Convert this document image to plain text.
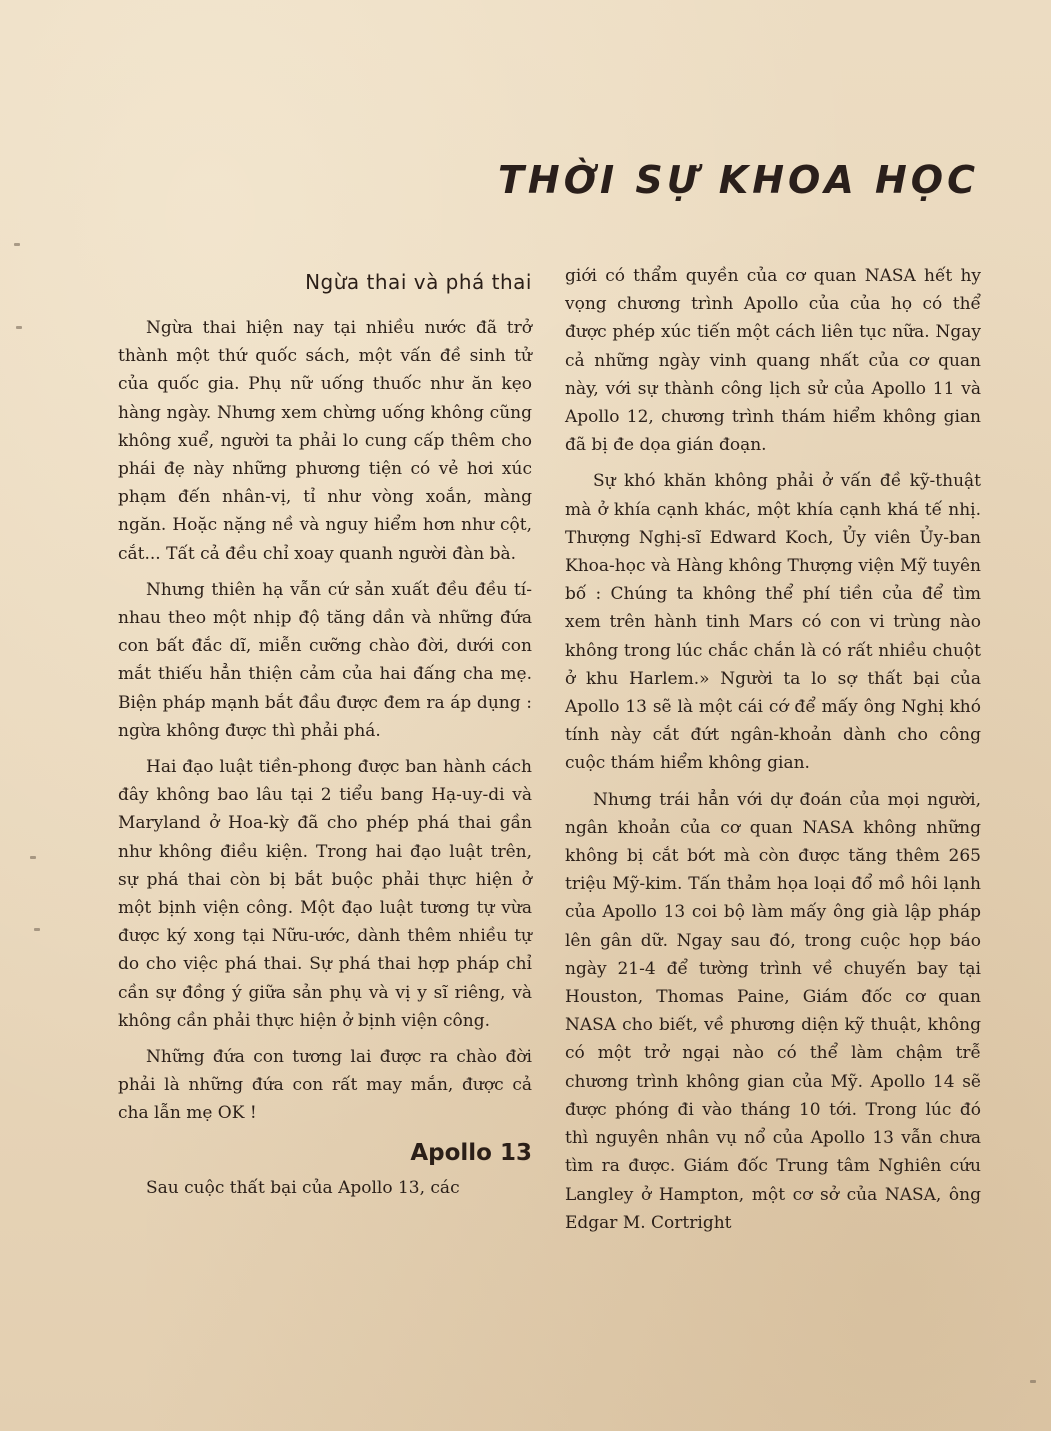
THỜI SỰ KHOA HỌC
Ngừa thai và phá thai

Ngừa thai hiện nay tại nhiều nước đã trở thành một thứ quốc sách, một vấn đề sinh tử của quốc gia. Phụ nữ uống thuốc như ăn kẹo hàng ngày. Nhưng xem chừng uống không cũng không xuể, người ta phải lo cung cấp thêm cho phái đẹ này những phương tiện có vẻ hơi xúc phạm đến nhân-vị, tỉ như vòng xoắn, màng ngăn. Hoặc nặng nề và nguy hiểm hơn như cột, cắt... Tất cả đều chỉ xoay quanh người đàn bà.

Nhưng thiên hạ vẫn cứ sản xuất đều đều tí-nhau theo một nhịp độ tăng dần và những đứa con bất đắc dĩ, miễn cưỡng chào đời, dưới con mắt thiếu hẳn thiện cảm của hai đấng cha mẹ. Biện pháp mạnh bắt đầu được đem ra áp dụng : ngừa không được thì phải phá.

Hai đạo luật tiền-phong được ban hành cách đây không bao lâu tại 2 tiểu bang Hạ-uy-di và Maryland ở Hoa-kỳ đã cho phép phá thai gần như không điều kiện. Trong hai đạo luật trên, sự phá thai còn bị bắt buộc phải thực hiện ở một bịnh viện công. Một đạo luật tương tự vừa được ký xong tại Nữu-ước, dành thêm nhiều tự do cho việc phá thai. Sự phá thai hợp pháp chỉ cần sự đồng ý giữa sản phụ và vị y sĩ riêng, và không cần phải thực hiện ở bịnh viện công.

Những đứa con tương lai được ra chào đời phải là những đứa con rất may mắn, được cả cha lẫn mẹ OK !

Apollo 13

Sau cuộc thất bại của Apollo 13, các

giới có thẩm quyền của cơ quan NASA hết hy vọng chương trình Apollo của của họ có thể được phép xúc tiến một cách liên tục nữa. Ngay cả những ngày vinh quang nhất của cơ quan này, với sự thành công lịch sử của Apollo 11 và Apollo 12, chương trình thám hiểm không gian đã bị đe dọa gián đoạn.

Sự khó khăn không phải ở vấn đề kỹ-thuật mà ở khía cạnh khác, một khía cạnh khá tế nhị. Thượng Nghị-sĩ Edward Koch, Ủy viên Ủy-ban Khoa-học và Hàng không Thượng viện Mỹ tuyên bố : Chúng ta không thể phí tiền của để tìm xem trên hành tinh Mars có con vi trùng nào không trong lúc chắc chắn là có rất nhiều chuột ở khu Harlem.» Người ta lo sợ thất bại của Apollo 13 sẽ là một cái cớ để mấy ông Nghị khó tính này cắt đứt ngân-khoản dành cho công cuộc thám hiểm không gian.

Nhưng trái hẳn với dự đoán của mọi người, ngân khoản của cơ quan NASA không những không bị cắt bớt mà còn được tăng thêm 265 triệu Mỹ-kim. Tấn thảm họa loại đổ mồ hôi lạnh của Apollo 13 coi bộ làm mấy ông già lập pháp lên gân dữ. Ngay sau đó, trong cuộc họp báo ngày 21-4 để tường trình về chuyến bay tại Houston, Thomas Paine, Giám đốc cơ quan NASA cho biết, về phương diện kỹ thuật, không có một trở ngại nào có thể làm chậm trễ chương trình không gian của Mỹ. Apollo 14 sẽ được phóng đi vào tháng 10 tới. Trong lúc đó thì nguyên nhân vụ nổ của Apollo 13 vẫn chưa tìm ra được. Giám đốc Trung tâm Nghiên cứu Langley ở Hampton, một cơ sở của NASA, ông Edgar M. Cortright
